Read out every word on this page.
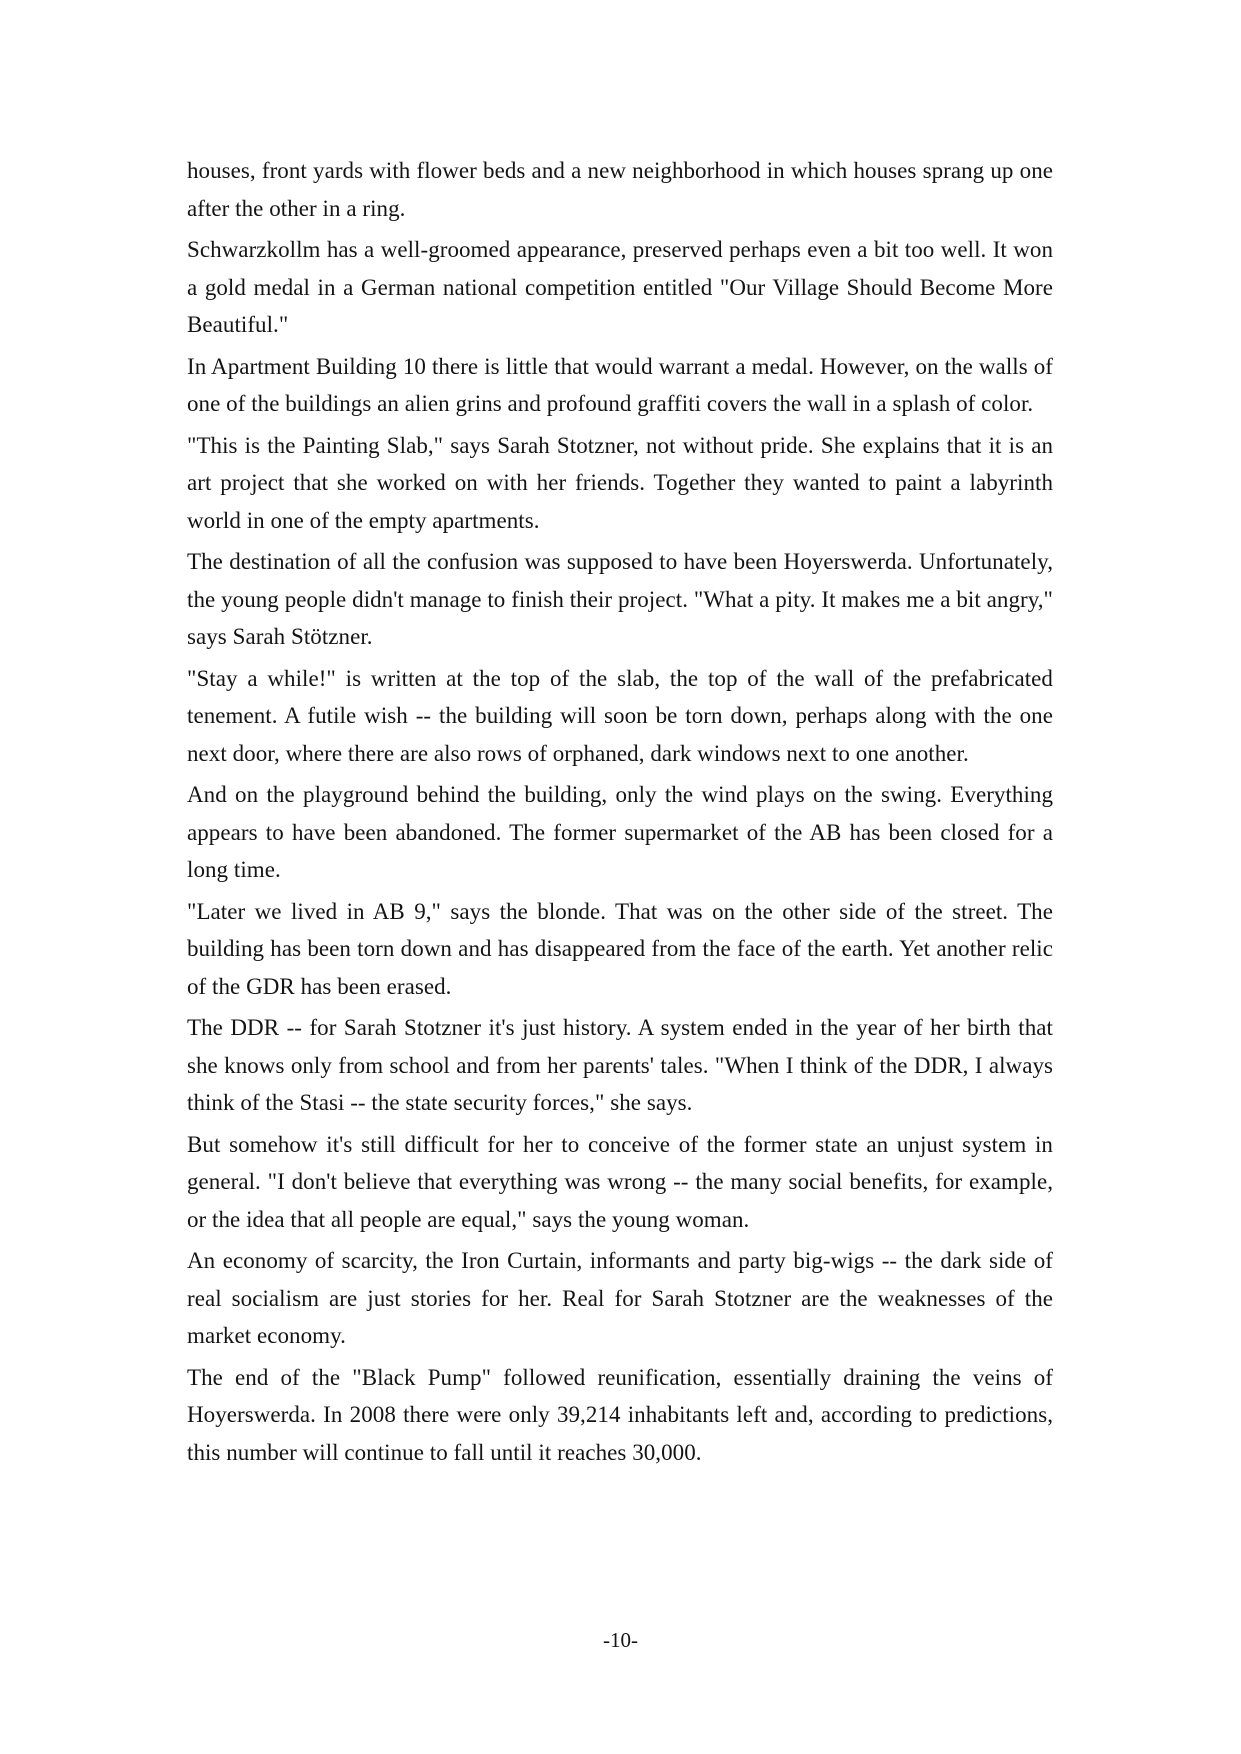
houses, front yards with flower beds and a new neighborhood in which houses sprang up one after the other in a ring.

Schwarzkollm has a well-groomed appearance, preserved perhaps even a bit too well. It won a gold medal in a German national competition entitled "Our Village Should Become More Beautiful."

In Apartment Building 10 there is little that would warrant a medal. However, on the walls of one of the buildings an alien grins and profound graffiti covers the wall in a splash of color.

"This is the Painting Slab," says Sarah Stotzner, not without pride. She explains that it is an art project that she worked on with her friends. Together they wanted to paint a labyrinth world in one of the empty apartments.

The destination of all the confusion was supposed to have been Hoyerswerda. Unfortunately, the young people didn't manage to finish their project. "What a pity. It makes me a bit angry," says Sarah Stötzner.

"Stay a while!" is written at the top of the slab, the top of the wall of the prefabricated tenement. A futile wish -- the building will soon be torn down, perhaps along with the one next door, where there are also rows of orphaned, dark windows next to one another.

And on the playground behind the building, only the wind plays on the swing. Everything appears to have been abandoned. The former supermarket of the AB has been closed for a long time.

"Later we lived in AB 9," says the blonde. That was on the other side of the street. The building has been torn down and has disappeared from the face of the earth. Yet another relic of the GDR has been erased.

The DDR -- for Sarah Stotzner it's just history. A system ended in the year of her birth that she knows only from school and from her parents' tales. "When I think of the DDR, I always think of the Stasi -- the state security forces," she says.

But somehow it's still difficult for her to conceive of the former state an unjust system in general. "I don't believe that everything was wrong -- the many social benefits, for example, or the idea that all people are equal," says the young woman.

An economy of scarcity, the Iron Curtain, informants and party big-wigs -- the dark side of real socialism are just stories for her. Real for Sarah Stotzner are the weaknesses of the market economy.

The end of the "Black Pump" followed reunification, essentially draining the veins of Hoyerswerda. In 2008 there were only 39,214 inhabitants left and, according to predictions, this number will continue to fall until it reaches 30,000.

-10-
